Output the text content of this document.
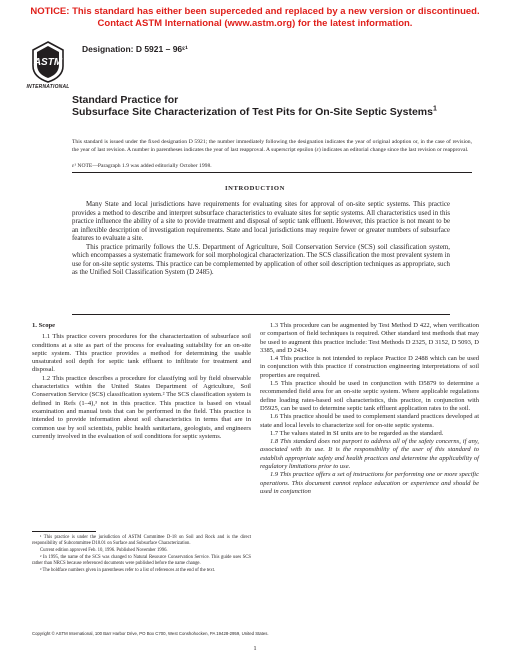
NOTICE: This standard has either been superceded and replaced by a new version or discontinued.
Contact ASTM International (www.astm.org) for the latest information.
ASTM
INTERNATIONAL
Designation: D 5921 – 96ᵋ¹
Standard Practice for
Subsurface Site Characterization of Test Pits for On-Site Septic Systems$^1$
This standard is issued under the fixed designation D 5921; the number immediately following the designation indicates the year of original adoption or, in the case of revision, the year of last revision. A number in parentheses indicates the year of last reapproval. A superscript epsilon (ε) indicates an editorial change since the last revision or reapproval.
ε¹ NOTE—Paragraph 1.9 was added editorially October 1998.
INTRODUCTION

Many State and local jurisdictions have requirements for evaluating sites for approval of on-site septic systems. This practice provides a method to describe and interpret subsurface characteristics to evaluate sites for septic systems. All characteristics used in this practice influence the ability of a site to provide treatment and disposal of septic tank effluent. However, this practice is not meant to be an inflexible description of investigation requirements. State and local jurisdictions may require fewer or greater numbers of subsurface features to evaluate a site.

This practice primarily follows the U.S. Department of Agriculture, Soil Conservation Service (SCS) soil classification system, which encompasses a systematic framework for soil morphological characterization. The SCS classification the most prevalent system in use for on-site septic systems. This practice can be complemented by application of other soil description techniques as appropriate, such as the Unified Soil Classification System (D 2485).

1. Scope

1.1 This practice covers procedures for the characterization of subsurface soil conditions at a site as part of the process for evaluating suitability for an on-site septic system. This practice provides a method for determining the usable unsaturated soil depth for septic tank effluent to infiltrate for treatment and disposal.

1.2 This practice describes a procedure for classifying soil by field observable characteristics within the United States Department of Agriculture, Soil Conservation Service (SCS) classification system.² The SCS classification system is defined in Refs (1–4),³ not in this practice. This practice is based on visual examination and manual tests that can be performed in the field. This practice is intended to provide information about soil characteristics in terms that are in common use by soil scientists, public health sanitarians, geologists, and engineers currently involved in the evaluation of soil conditions for septic systems.

1.3 This procedure can be augmented by Test Method D 422, when verification or comparison of field techniques is required. Other standard test methods that may be used to augment this practice include: Test Methods D 2325, D 3152, D 5093, D 3385, and D 2434.

1.4 This practice is not intended to replace Practice D 2488 which can be used in conjunction with this practice if construction engineering interpretations of soil properties are required.

1.5 This practice should be used in conjunction with D5879 to determine a recommended field area for an on-site septic system. Where applicable regulations define loading rates-based soil characteristics, this practice, in conjunction with D5925, can be used to determine septic tank effluent application rates to the soil.

1.6 This practice should be used to complement standard practices developed at state and local levels to characterize soil for on-site septic systems.

1.7 The values stated in SI units are to be regarded as the standard.

1.8 This standard does not purport to address all of the safety concerns, if any, associated with its use. It is the responsibility of the user of this standard to establish appropriate safety and health practices and determine the applicability of regulatory limitations prior to use.

1.9 This practice offers a set of instructions for performing one or more specific operations. This document cannot replace education or experience and should be used in conjunction

¹ This practice is under the jurisdiction of ASTM Committee D-18 on Soil and Rock and is the direct responsibility of Subcommittee D18.01 on Surface and Subsurface Characterization.

Current edition approved Feb. 10, 1996. Published November 1996.

² In 1995, the name of the SCS was changed to Natural Resource Conservation Service. This guide uses SCS rather than NRCS because referenced documents were published before the name change.

³ The boldface numbers given in parentheses refer to a list of references at the end of the text.

Copyright © ASTM International, 100 Barr Harbor Drive, PO Box C700, West Conshohocken, PA 19428-2959, United States.
1
